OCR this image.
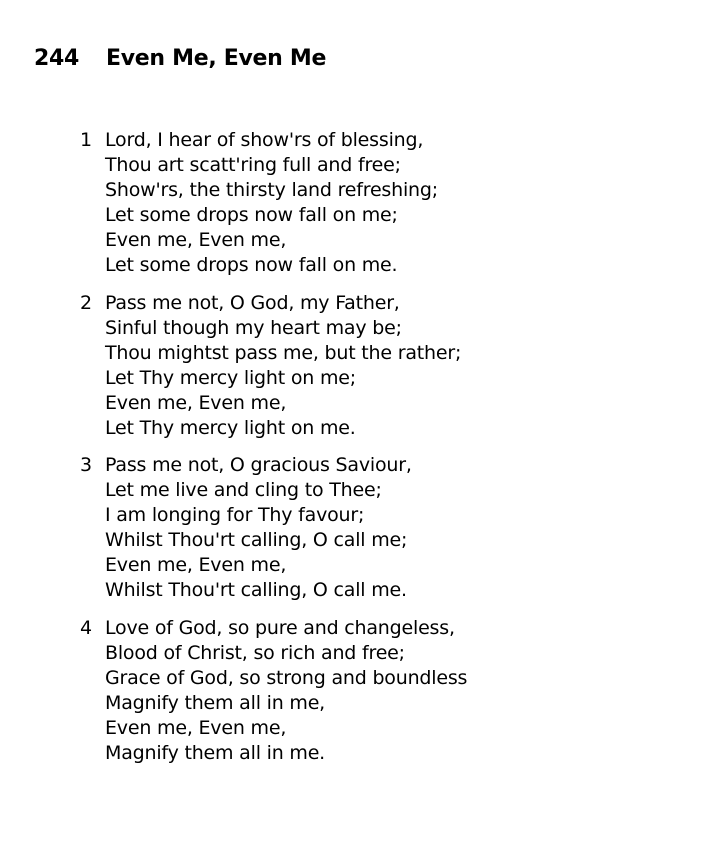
244	Even Me, Even Me
1 Lord, I hear of show'rs of blessing,
Thou art scatt'ring full and free;
Show'rs, the thirsty land refreshing;
Let some drops now fall on me;
Even me, Even me,
Let some drops now fall on me.
2 Pass me not, O God, my Father,
Sinful though my heart may be;
Thou mightst pass me, but the rather;
Let Thy mercy light on me;
Even me, Even me,
Let Thy mercy light on me.
3 Pass me not, O gracious Saviour,
Let me live and cling to Thee;
I am longing for Thy favour;
Whilst Thou'rt calling, O call me;
Even me, Even me,
Whilst Thou'rt calling, O call me.
4 Love of God, so pure and changeless,
Blood of Christ, so rich and free;
Grace of God, so strong and boundless
Magnify them all in me,
Even me, Even me,
Magnify them all in me.
